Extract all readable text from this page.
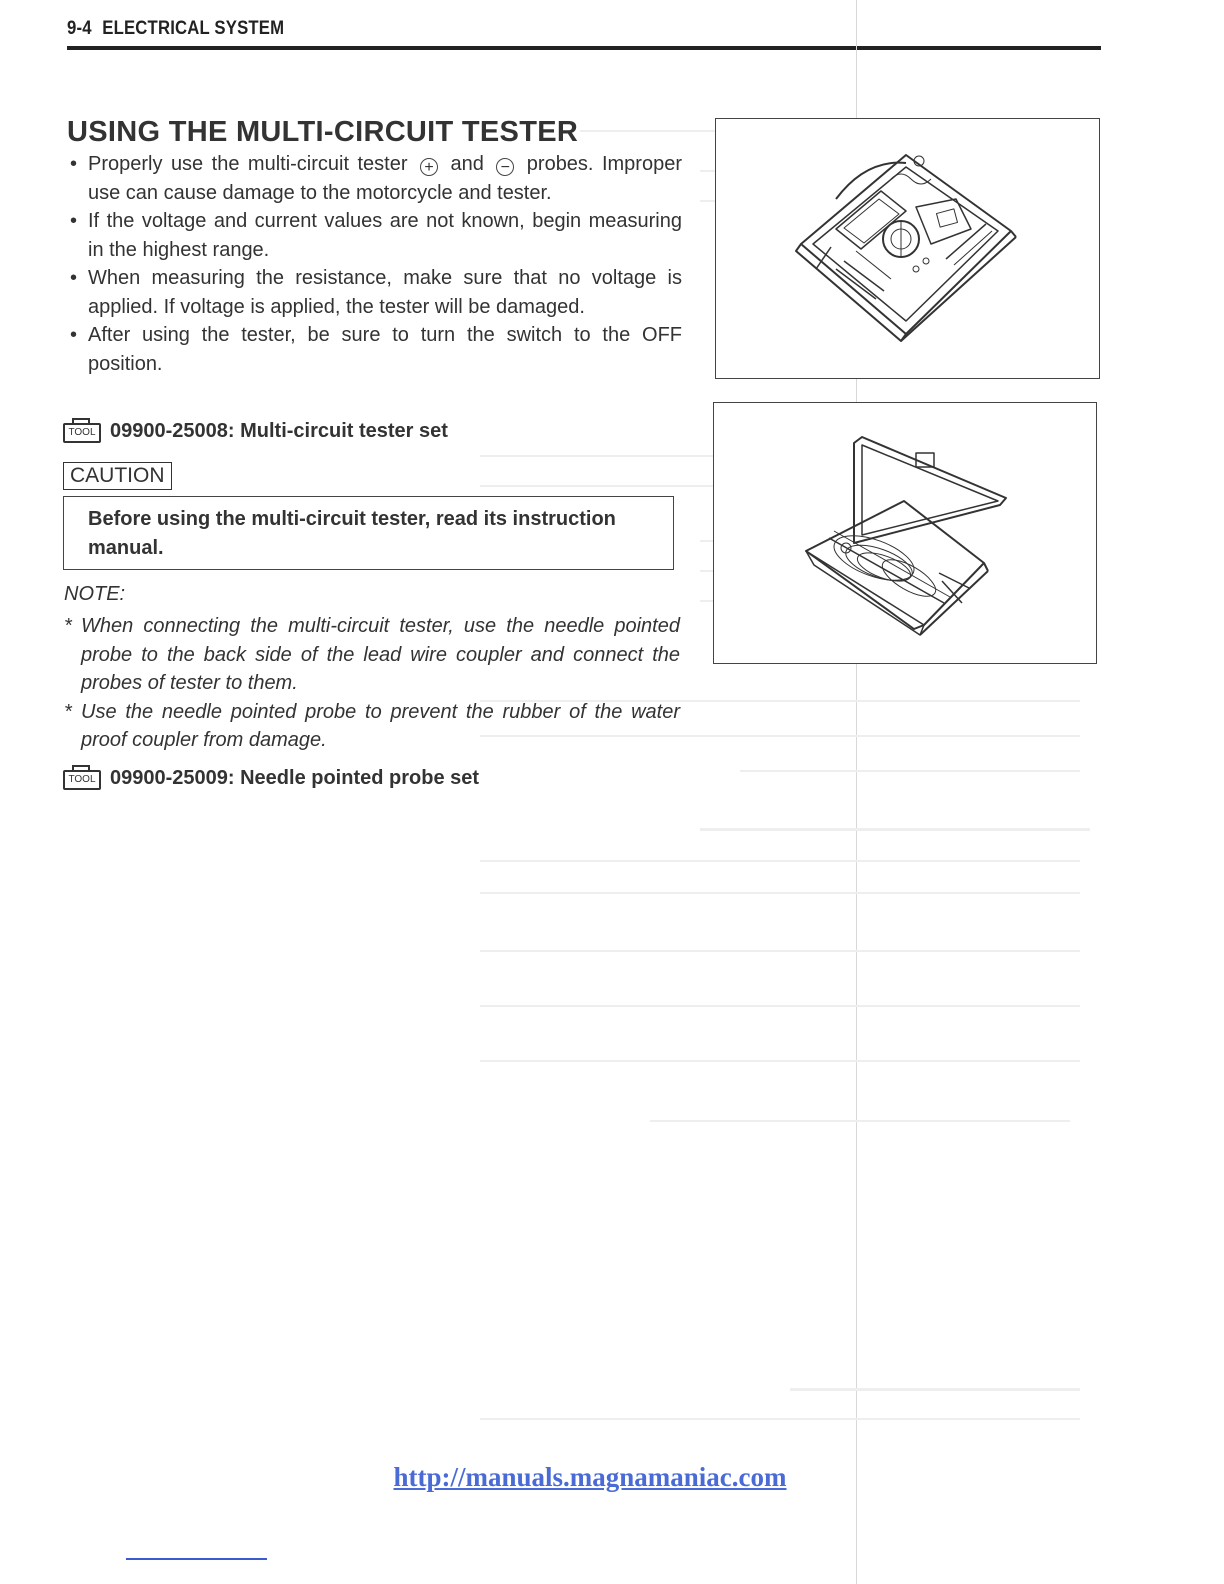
9-4 ELECTRICAL SYSTEM
USING THE MULTI-CIRCUIT TESTER
• Properly use the multi-circuit tester + and − probes. Improper use can cause damage to the motorcycle and tester.
• If the voltage and current values are not known, begin measuring in the highest range.
• When measuring the resistance, make sure that no voltage is applied. If voltage is applied, the tester will be damaged.
• After using the tester, be sure to turn the switch to the OFF position.
TOOL 09900-25008: Multi-circuit tester set
CAUTION
Before using the multi-circuit tester, read its instruction manual.
NOTE:
* When connecting the multi-circuit tester, use the needle pointed probe to the back side of the lead wire coupler and connect the probes of tester to them.
* Use the needle pointed probe to prevent the rubber of the water proof coupler from damage.
TOOL 09900-25009: Needle pointed probe set
http://manuals.magnamaniac.com
